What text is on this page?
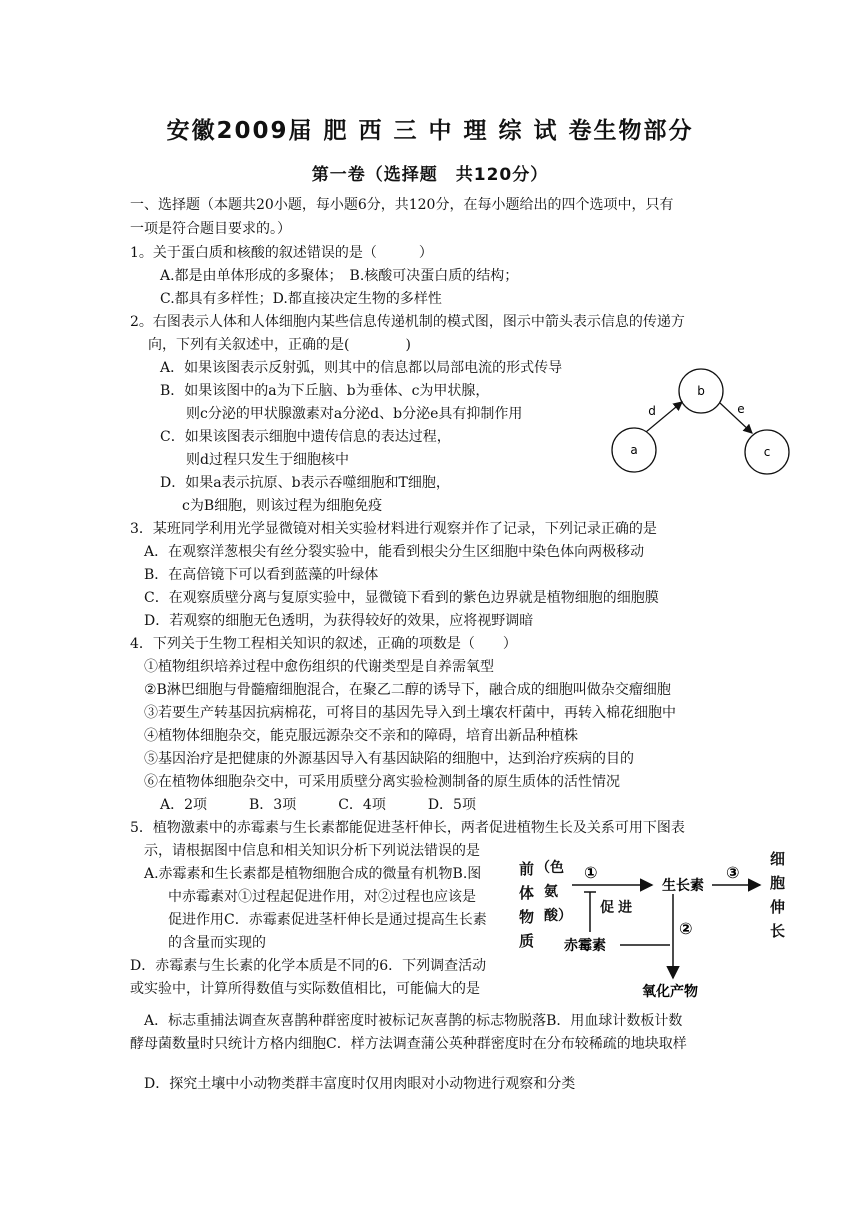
安徽2009届 肥 西 三 中 理 综 试 卷生物部分
第一卷（选择题　共120分）
一、选择题（本题共20小题，每小题6分，共120分，在每小题给出的四个选项中，只有
一项是符合题目要求的。）
1。关于蛋白质和核酸的叙述错误的是（　　　）
A.都是由单体形成的多聚体；　B.核酸可决蛋白质的结构；
C.都具有多样性；D.都直接决定生物的多样性
2。右图表示人体和人体细胞内某些信息传递机制的模式图，图示中箭头表示信息的传递方
向，下列有关叙述中，正确的是(　　　　)
A．如果该图表示反射弧，则其中的信息都以局部电流的形式传导
B．如果该图中的a为下丘脑、b为垂体、c为甲状腺，
则c分泌的甲状腺激素对a分泌d、b分泌e具有抑制作用
C．如果该图表示细胞中遗传信息的表达过程，
则d过程只发生于细胞核中
D．如果a表示抗原、b表示吞噬细胞和T细胞，
c为B细胞，则该过程为细胞免疫
b
a	c
d	e
3．某班同学利用光学显微镜对相关实验材料进行观察并作了记录，下列记录正确的是
A．在观察洋葱根尖有丝分裂实验中，能看到根尖分生区细胞中染色体向两极移动
B．在高倍镜下可以看到蓝藻的叶绿体
C．在观察质壁分离与复原实验中，显微镜下看到的紫色边界就是植物细胞的细胞膜
D．若观察的细胞无色透明，为获得较好的效果，应将视野调暗
4．下列关于生物工程相关知识的叙述，正确的项数是（　　）
①植物组织培养过程中愈伤组织的代谢类型是自养需氧型
②B淋巴细胞与骨髓瘤细胞混合，在聚乙二醇的诱导下，融合成的细胞叫做杂交瘤细胞
③若要生产转基因抗病棉花，可将目的基因先导入到土壤农杆菌中，再转入棉花细胞中
④植物体细胞杂交，能克服远源杂交不亲和的障碍，培育出新品种植株
⑤基因治疗是把健康的外源基因导入有基因缺陷的细胞中，达到治疗疾病的目的
⑥在植物体细胞杂交中，可采用质壁分离实验检测制备的原生质体的活性情况
A．2项　　　B．3项　　　C．4项　　　D．5项
5．植物激素中的赤霉素与生长素都能促进茎杆伸长，两者促进植物生长及关系可用下图表
示，请根据图中信息和相关知识分析下列说法错误的是
A.赤霉素和生长素都是植物细胞合成的微量有机物B.图
中赤霉素对①过程起促进作用，对②过程也应该是
促进作用C．赤霉素促进茎杆伸长是通过提高生长素
的含量而实现的
D．赤霉素与生长素的化学本质是不同的6．下列调查活动
或实验中，计算所得数值与实际数值相比，可能偏大的是
前
体
物
质
（色
氨
酸）
①
生长素
③
细
胞
伸
长
促 进
赤霉素
②
氧化产物
A．标志重捕法调查灰喜鹊种群密度时被标记灰喜鹊的标志物脱落B．用血球计数板计数
酵母菌数量时只统计方格内细胞C．样方法调查蒲公英种群密度时在分布较稀疏的地块取样
D．探究土壤中小动物类群丰富度时仅用肉眼对小动物进行观察和分类
